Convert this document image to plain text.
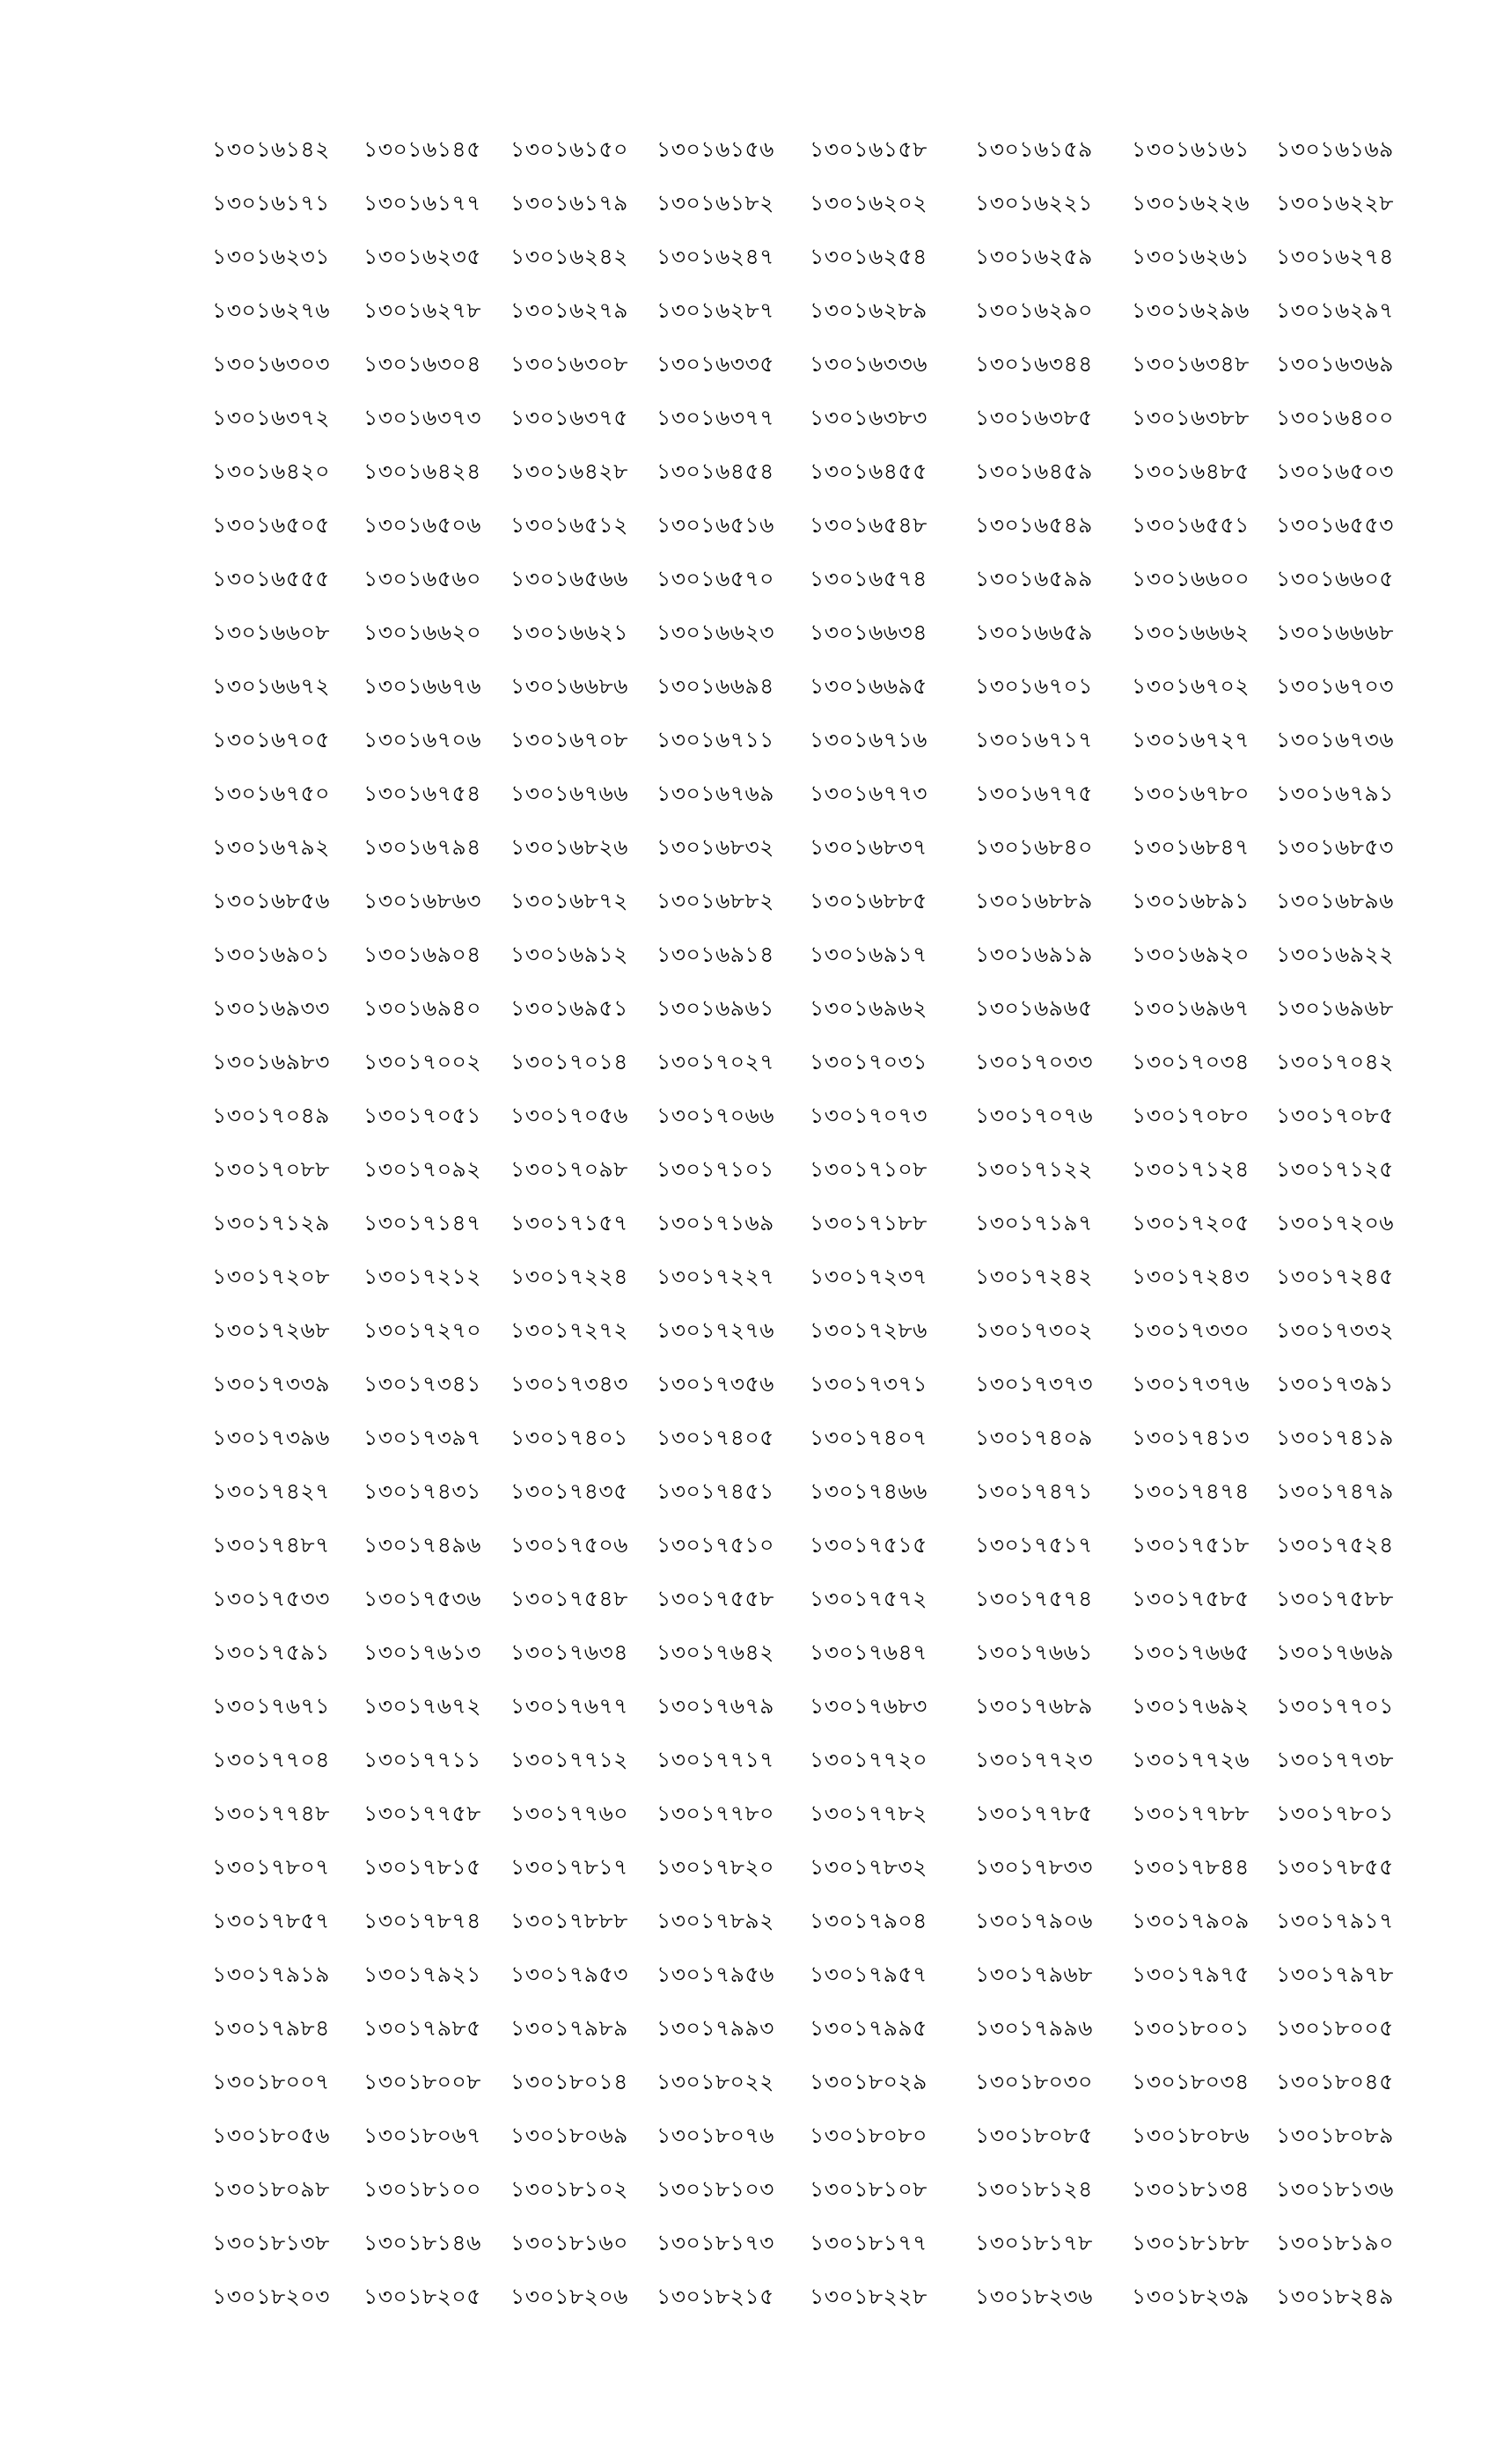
১৩০১৬১৪২ ১৩০১৬১৪৫ ১৩০১৬১৫০ ১৩০১৬১৫৬ ১৩০১৬১৫৮ ১৩০১৬১৫৯ ১৩০১৬১৬১ ১৩০১৬১৬৯
১৩০১৬১৭১ ১৩০১৬১৭৭ ১৩০১৬১৭৯ ১৩০১৬১৮২ ১৩০১৬২০২ ১৩০১৬২২১ ১৩০১৬২২৬ ১৩০১৬২২৮
১৩০১৬২৩১ ১৩০১৬২৩৫ ১৩০১৬২৪২ ১৩০১৬২৪৭ ১৩০১৬২৫৪ ১৩০১৬২৫৯ ১৩০১৬২৬১ ১৩০১৬২৭৪
১৩০১৬২৭৬ ১৩০১৬২৭৮ ১৩০১৬২৭৯ ১৩০১৬২৮৭ ১৩০১৬২৮৯ ১৩০১৬২৯০ ১৩০১৬২৯৬ ১৩০১৬২৯৭
১৩০১৬৩০৩ ১৩০১৬৩০৪ ১৩০১৬৩০৮ ১৩০১৬৩৩৫ ১৩০১৬৩৩৬ ১৩০১৬৩৪৪ ১৩০১৬৩৪৮ ১৩০১৬৩৬৯
১৩০১৬৩৭২ ১৩০১৬৩৭৩ ১৩০১৬৩৭৫ ১৩০১৬৩৭৭ ১৩০১৬৩৮৩ ১৩০১৬৩৮৫ ১৩০১৬৩৮৮ ১৩০১৬৪০০
১৩০১৬৪২০ ১৩০১৬৪২৪ ১৩০১৬৪২৮ ১৩০১৬৪৫৪ ১৩০১৬৪৫৫ ১৩০১৬৪৫৯ ১৩০১৬৪৮৫ ১৩০১৬৫০৩
১৩০১৬৫০৫ ১৩০১৬৫০৬ ১৩০১৬৫১২ ১৩০১৬৫১৬ ১৩০১৬৫৪৮ ১৩০১৬৫৪৯ ১৩০১৬৫৫১ ১৩০১৬৫৫৩
১৩০১৬৫৫৫ ১৩০১৬৫৬০ ১৩০১৬৫৬৬ ১৩০১৬৫৭০ ১৩০১৬৫৭৪ ১৩০১৬৫৯৯ ১৩০১৬৬০০ ১৩০১৬৬০৫
১৩০১৬৬০৮ ১৩০১৬৬২০ ১৩০১৬৬২১ ১৩০১৬৬২৩ ১৩০১৬৬৩৪ ১৩০১৬৬৫৯ ১৩০১৬৬৬২ ১৩০১৬৬৬৮
১৩০১৬৬৭২ ১৩০১৬৬৭৬ ১৩০১৬৬৮৬ ১৩০১৬৬৯৪ ১৩০১৬৬৯৫ ১৩০১৬৭০১ ১৩০১৬৭০২ ১৩০১৬৭০৩
১৩০১৬৭০৫ ১৩০১৬৭০৬ ১৩০১৬৭০৮ ১৩০১৬৭১১ ১৩০১৬৭১৬ ১৩০১৬৭১৭ ১৩০১৬৭২৭ ১৩০১৬৭৩৬
১৩০১৬৭৫০ ১৩০১৬৭৫৪ ১৩০১৬৭৬৬ ১৩০১৬৭৬৯ ১৩০১৬৭৭৩ ১৩০১৬৭৭৫ ১৩০১৬৭৮০ ১৩০১৬৭৯১
১৩০১৬৭৯২ ১৩০১৬৭৯৪ ১৩০১৬৮২৬ ১৩০১৬৮৩২ ১৩০১৬৮৩৭ ১৩০১৬৮৪০ ১৩০১৬৮৪৭ ১৩০১৬৮৫৩
১৩০১৬৮৫৬ ১৩০১৬৮৬৩ ১৩০১৬৮৭২ ১৩০১৬৮৮২ ১৩০১৬৮৮৫ ১৩০১৬৮৮৯ ১৩০১৬৮৯১ ১৩০১৬৮৯৬
১৩০১৬৯০১ ১৩০১৬৯০৪ ১৩০১৬৯১২ ১৩০১৬৯১৪ ১৩০১৬৯১৭ ১৩০১৬৯১৯ ১৩০১৬৯২০ ১৩০১৬৯২২
১৩০১৬৯৩৩ ১৩০১৬৯৪০ ১৩০১৬৯৫১ ১৩০১৬৯৬১ ১৩০১৬৯৬২ ১৩০১৬৯৬৫ ১৩০১৬৯৬৭ ১৩০১৬৯৬৮
১৩০১৬৯৮৩ ১৩০১৭০০২ ১৩০১৭০১৪ ১৩০১৭০২৭ ১৩০১৭০৩১ ১৩০১৭০৩৩ ১৩০১৭০৩৪ ১৩০১৭০৪২
১৩০১৭০৪৯ ১৩০১৭০৫১ ১৩০১৭০৫৬ ১৩০১৭০৬৬ ১৩০১৭০৭৩ ১৩০১৭০৭৬ ১৩০১৭০৮০ ১৩০১৭০৮৫
১৩০১৭০৮৮ ১৩০১৭০৯২ ১৩০১৭০৯৮ ১৩০১৭১০১ ১৩০১৭১০৮ ১৩০১৭১২২ ১৩০১৭১২৪ ১৩০১৭১২৫
১৩০১৭১২৯ ১৩০১৭১৪৭ ১৩০১৭১৫৭ ১৩০১৭১৬৯ ১৩০১৭১৮৮ ১৩০১৭১৯৭ ১৩০১৭২০৫ ১৩০১৭২০৬
১৩০১৭২০৮ ১৩০১৭২১২ ১৩০১৭২২৪ ১৩০১৭২২৭ ১৩০১৭২৩৭ ১৩০১৭২৪২ ১৩০১৭২৪৩ ১৩০১৭২৪৫
১৩০১৭২৬৮ ১৩০১৭২৭০ ১৩০১৭২৭২ ১৩০১৭২৭৬ ১৩০১৭২৮৬ ১৩০১৭৩০২ ১৩০১৭৩৩০ ১৩০১৭৩৩২
১৩০১৭৩৩৯ ১৩০১৭৩৪১ ১৩০১৭৩৪৩ ১৩০১৭৩৫৬ ১৩০১৭৩৭১ ১৩০১৭৩৭৩ ১৩০১৭৩৭৬ ১৩০১৭৩৯১
১৩০১৭৩৯৬ ১৩০১৭৩৯৭ ১৩০১৭৪০১ ১৩০১৭৪০৫ ১৩০১৭৪০৭ ১৩০১৭৪০৯ ১৩০১৭৪১৩ ১৩০১৭৪১৯
১৩০১৭৪২৭ ১৩০১৭৪৩১ ১৩০১৭৪৩৫ ১৩০১৭৪৫১ ১৩০১৭৪৬৬ ১৩০১৭৪৭১ ১৩০১৭৪৭৪ ১৩০১৭৪৭৯
১৩০১৭৪৮৭ ১৩০১৭৪৯৬ ১৩০১৭৫০৬ ১৩০১৭৫১০ ১৩০১৭৫১৫ ১৩০১৭৫১৭ ১৩০১৭৫১৮ ১৩০১৭৫২৪
১৩০১৭৫৩৩ ১৩০১৭৫৩৬ ১৩০১৭৫৪৮ ১৩০১৭৫৫৮ ১৩০১৭৫৭২ ১৩০১৭৫৭৪ ১৩০১৭৫৮৫ ১৩০১৭৫৮৮
১৩০১৭৫৯১ ১৩০১৭৬১৩ ১৩০১৭৬৩৪ ১৩০১৭৬৪২ ১৩০১৭৬৪৭ ১৩০১৭৬৬১ ১৩০১৭৬৬৫ ১৩০১৭৬৬৯
১৩০১৭৬৭১ ১৩০১৭৬৭২ ১৩০১৭৬৭৭ ১৩০১৭৬৭৯ ১৩০১৭৬৮৩ ১৩০১৭৬৮৯ ১৩০১৭৬৯২ ১৩০১৭৭০১
১৩০১৭৭০৪ ১৩০১৭৭১১ ১৩০১৭৭১২ ১৩০১৭৭১৭ ১৩০১৭৭২০ ১৩০১৭৭২৩ ১৩০১৭৭২৬ ১৩০১৭৭৩৮
১৩০১৭৭৪৮ ১৩০১৭৭৫৮ ১৩০১৭৭৬০ ১৩০১৭৭৮০ ১৩০১৭৭৮২ ১৩০১৭৭৮৫ ১৩০১৭৭৮৮ ১৩০১৭৮০১
১৩০১৭৮০৭ ১৩০১৭৮১৫ ১৩০১৭৮১৭ ১৩০১৭৮২০ ১৩০১৭৮৩২ ১৩০১৭৮৩৩ ১৩০১৭৮৪৪ ১৩০১৭৮৫৫
১৩০১৭৮৫৭ ১৩০১৭৮৭৪ ১৩০১৭৮৮৮ ১৩০১৭৮৯২ ১৩০১৭৯০৪ ১৩০১৭৯০৬ ১৩০১৭৯০৯ ১৩০১৭৯১৭
১৩০১৭৯১৯ ১৩০১৭৯২১ ১৩০১৭৯৫৩ ১৩০১৭৯৫৬ ১৩০১৭৯৫৭ ১৩০১৭৯৬৮ ১৩০১৭৯৭৫ ১৩০১৭৯৭৮
১৩০১৭৯৮৪ ১৩০১৭৯৮৫ ১৩০১৭৯৮৯ ১৩০১৭৯৯৩ ১৩০১৭৯৯৫ ১৩০১৭৯৯৬ ১৩০১৮০০১ ১৩০১৮০০৫
১৩০১৮০০৭ ১৩০১৮০০৮ ১৩০১৮০১৪ ১৩০১৮০২২ ১৩০১৮০২৯ ১৩০১৮০৩০ ১৩০১৮০৩৪ ১৩০১৮০৪৫
১৩০১৮০৫৬ ১৩০১৮০৬৭ ১৩০১৮০৬৯ ১৩০১৮০৭৬ ১৩০১৮০৮০ ১৩০১৮০৮৫ ১৩০১৮০৮৬ ১৩০১৮০৮৯
১৩০১৮০৯৮ ১৩০১৮১০০ ১৩০১৮১০২ ১৩০১৮১০৩ ১৩০১৮১০৮ ১৩০১৮১২৪ ১৩০১৮১৩৪ ১৩০১৮১৩৬
১৩০১৮১৩৮ ১৩০১৮১৪৬ ১৩০১৮১৬০ ১৩০১৮১৭৩ ১৩০১৮১৭৭ ১৩০১৮১৭৮ ১৩০১৮১৮৮ ১৩০১৮১৯০
১৩০১৮২০৩ ১৩০১৮২০৫ ১৩০১৮২০৬ ১৩০১৮২১৫ ১৩০১৮২২৮ ১৩০১৮২৩৬ ১৩০১৮২৩৯ ১৩০১৮২৪৯
